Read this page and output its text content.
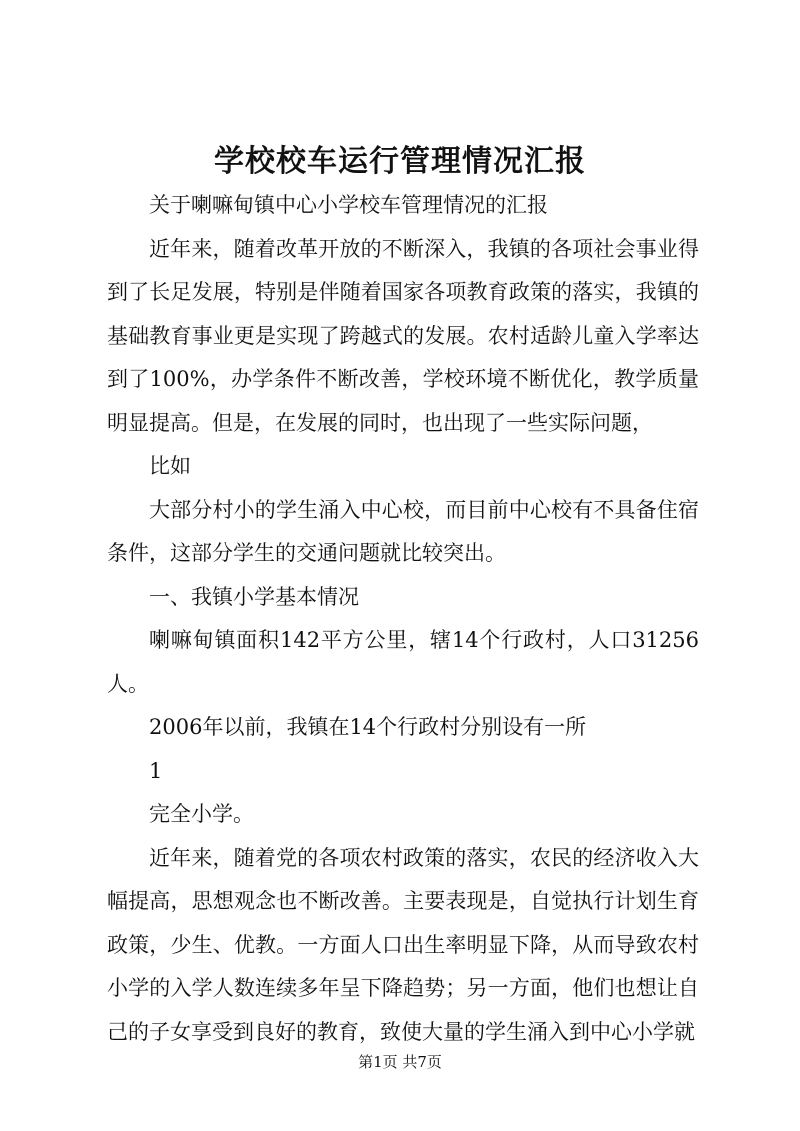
学校校车运行管理情况汇报

关于喇嘛甸镇中心小学校车管理情况的汇报

近年来，随着改革开放的不断深入，我镇的各项社会事业得到了长足发展，特别是伴随着国家各项教育政策的落实，我镇的基础教育事业更是实现了跨越式的发展。农村适龄儿童入学率达到了100%，办学条件不断改善，学校环境不断优化，教学质量明显提高。但是，在发展的同时，也出现了一些实际问题，

比如

大部分村小的学生涌入中心校，而目前中心校有不具备住宿条件，这部分学生的交通问题就比较突出。

一、我镇小学基本情况

喇嘛甸镇面积142平方公里，辖14个行政村，人口31256人。

2006年以前，我镇在14个行政村分别设有一所

1

完全小学。

近年来，随着党的各项农村政策的落实，农民的经济收入大幅提高，思想观念也不断改善。主要表现是，自觉执行计划生育政策，少生、优教。一方面人口出生率明显下降，从而导致农村小学的入学人数连续多年呈下降趋势；另一方面，他们也想让自己的子女享受到良好的教育，致使大量的学生涌入到中心小学就

第1页 共7页
